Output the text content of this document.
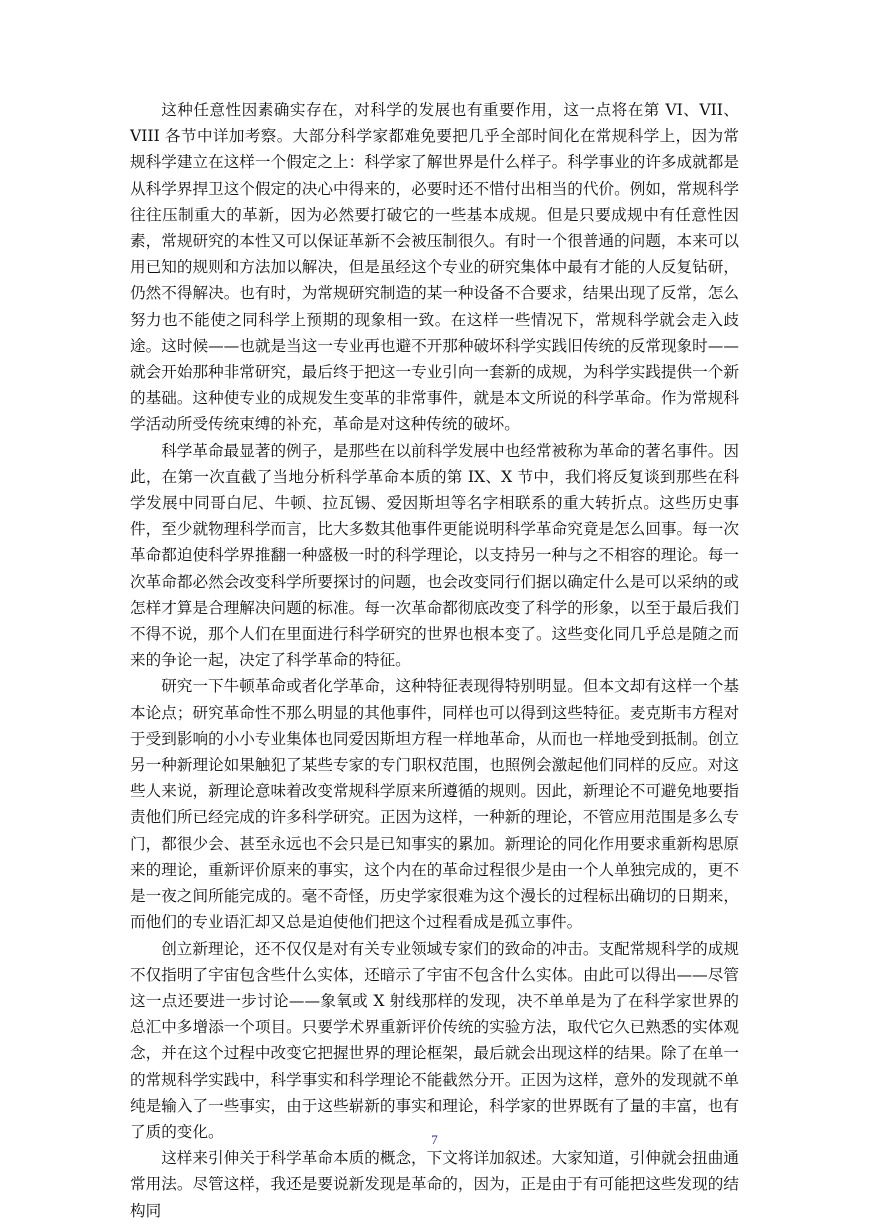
这种任意性因素确实存在，对科学的发展也有重要作用，这一点将在第 VI、VII、VIII 各节中详加考察。大部分科学家都难免要把几乎全部时间化在常规科学上，因为常规科学建立在这样一个假定之上：科学家了解世界是什么样子。科学事业的许多成就都是从科学界捍卫这个假定的决心中得来的，必要时还不惜付出相当的代价。例如，常规科学往往压制重大的革新，因为必然要打破它的一些基本成规。但是只要成规中有任意性因素，常规研究的本性又可以保证革新不会被压制很久。有时一个很普通的问题，本来可以用已知的规则和方法加以解决，但是虽经这个专业的研究集体中最有才能的人反复钻研，仍然不得解决。也有时，为常规研究制造的某一种设备不合要求，结果出现了反常，怎么努力也不能使之同科学上预期的现象相一致。在这样一些情况下，常规科学就会走入歧途。这时候——也就是当这一专业再也避不开那种破坏科学实践旧传统的反常现象时——就会开始那种非常研究，最后终于把这一专业引向一套新的成规，为科学实践提供一个新的基础。这种使专业的成规发生变革的非常事件，就是本文所说的科学革命。作为常规科学活动所受传统束缚的补充，革命是对这种传统的破坏。

科学革命最显著的例子，是那些在以前科学发展中也经常被称为革命的著名事件。因此，在第一次直截了当地分析科学革命本质的第 IX、X 节中，我们将反复谈到那些在科学发展中同哥白尼、牛顿、拉瓦锡、爱因斯坦等名字相联系的重大转折点。这些历史事件，至少就物理科学而言，比大多数其他事件更能说明科学革命究竟是怎么回事。每一次革命都迫使科学界推翻一种盛极一时的科学理论，以支持另一种与之不相容的理论。每一次革命都必然会改变科学所要探讨的问题，也会改变同行们据以确定什么是可以采纳的或怎样才算是合理解决问题的标准。每一次革命都彻底改变了科学的形象，以至于最后我们不得不说，那个人们在里面进行科学研究的世界也根本变了。这些变化同几乎总是随之而来的争论一起，决定了科学革命的特征。

研究一下牛顿革命或者化学革命，这种特征表现得特别明显。但本文却有这样一个基本论点；研究革命性不那么明显的其他事件，同样也可以得到这些特征。麦克斯韦方程对于受到影响的小小专业集体也同爱因斯坦方程一样地革命，从而也一样地受到抵制。创立另一种新理论如果触犯了某些专家的专门职权范围，也照例会激起他们同样的反应。对这些人来说，新理论意味着改变常规科学原来所遵循的规则。因此，新理论不可避免地要指责他们所已经完成的许多科学研究。正因为这样，一种新的理论，不管应用范围是多么专门，都很少会、甚至永远也不会只是已知事实的累加。新理论的同化作用要求重新构思原来的理论，重新评价原来的事实，这个内在的革命过程很少是由一个人单独完成的，更不是一夜之间所能完成的。毫不奇怪，历史学家很难为这个漫长的过程标出确切的日期来，而他们的专业语汇却又总是迫使他们把这个过程看成是孤立事件。

创立新理论，还不仅仅是对有关专业领域专家们的致命的冲击。支配常规科学的成规不仅指明了宇宙包含些什么实体，还暗示了宇宙不包含什么实体。由此可以得出——尽管这一点还要进一步讨论——象氧或 X 射线那样的发现，决不单单是为了在科学家世界的总汇中多增添一个项目。只要学术界重新评价传统的实验方法，取代它久已熟悉的实体观念，并在这个过程中改变它把握世界的理论框架，最后就会出现这样的结果。除了在单一的常规科学实践中，科学事实和科学理论不能截然分开。正因为这样，意外的发现就不单纯是输入了一些事实，由于这些崭新的事实和理论，科学家的世界既有了量的丰富，也有了质的变化。

这样来引伸关于科学革命本质的概念，下文将详加叙述。大家知道，引伸就会扭曲通常用法。尽管这样，我还是要说新发现是革命的，因为，正是由于有可能把这些发现的结构同

7
